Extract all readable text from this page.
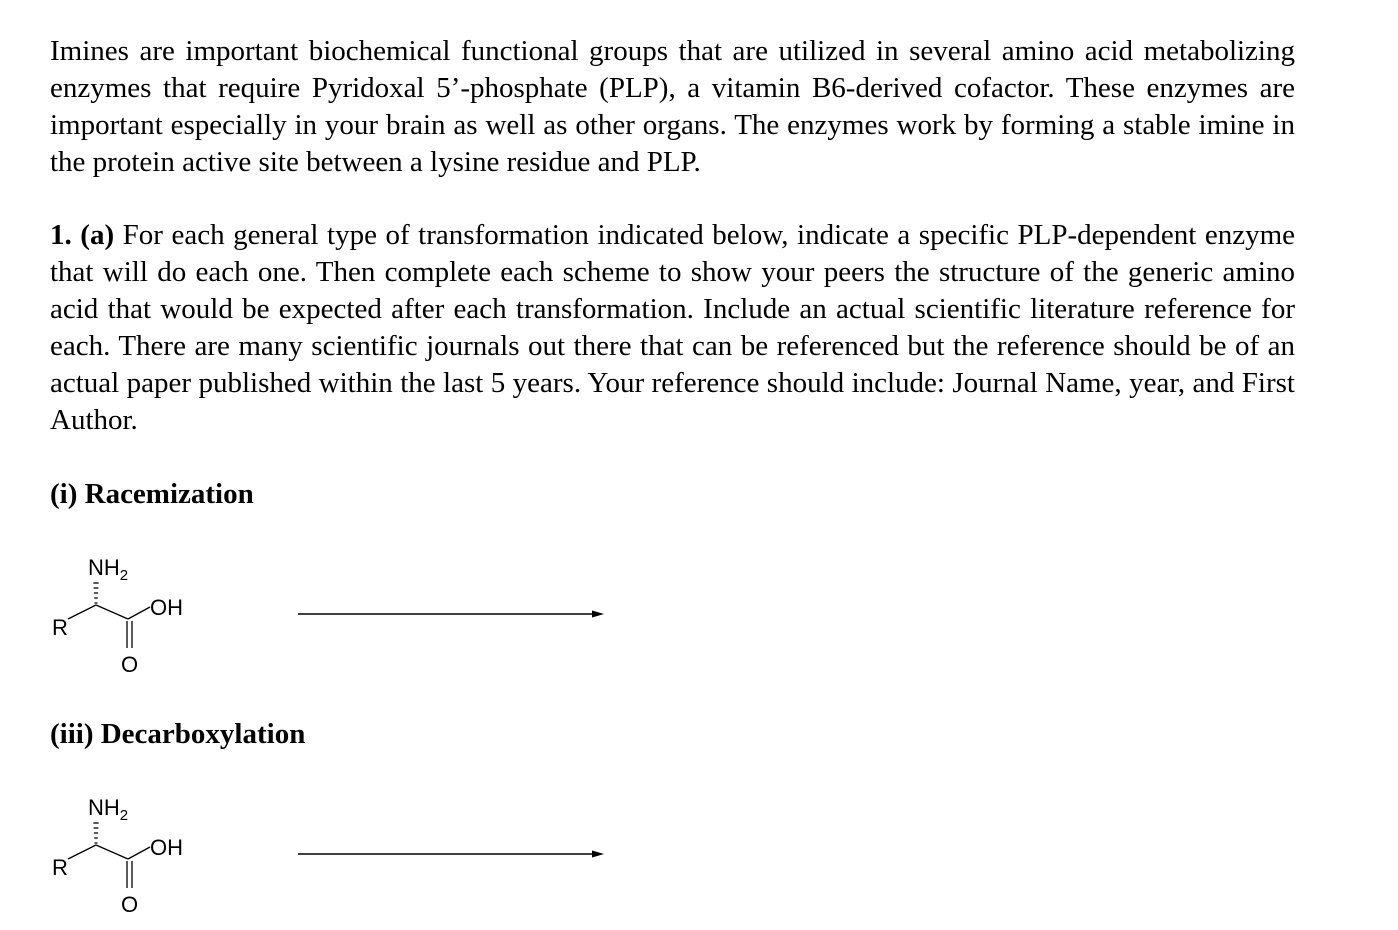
Imines are important biochemical functional groups that are utilized in several amino acid metabolizing enzymes that require Pyridoxal 5’-phosphate (PLP), a vitamin B6-derived cofactor. These enzymes are important especially in your brain as well as other organs. The enzymes work by forming a stable imine in the protein active site between a lysine residue and PLP.

1. (a) For each general type of transformation indicated below, indicate a specific PLP-dependent enzyme that will do each one. Then complete each scheme to show your peers the structure of the generic amino acid that would be expected after each transformation. Include an actual scientific literature reference for each. There are many scientific journals out there that can be referenced but the reference should be of an actual paper published within the last 5 years. Your reference should include: Journal Name, year, and First Author.

(i) Racemization
$NH_2$
OH
R
O
(iii) Decarboxylation
$NH_2$
OH
R
O
